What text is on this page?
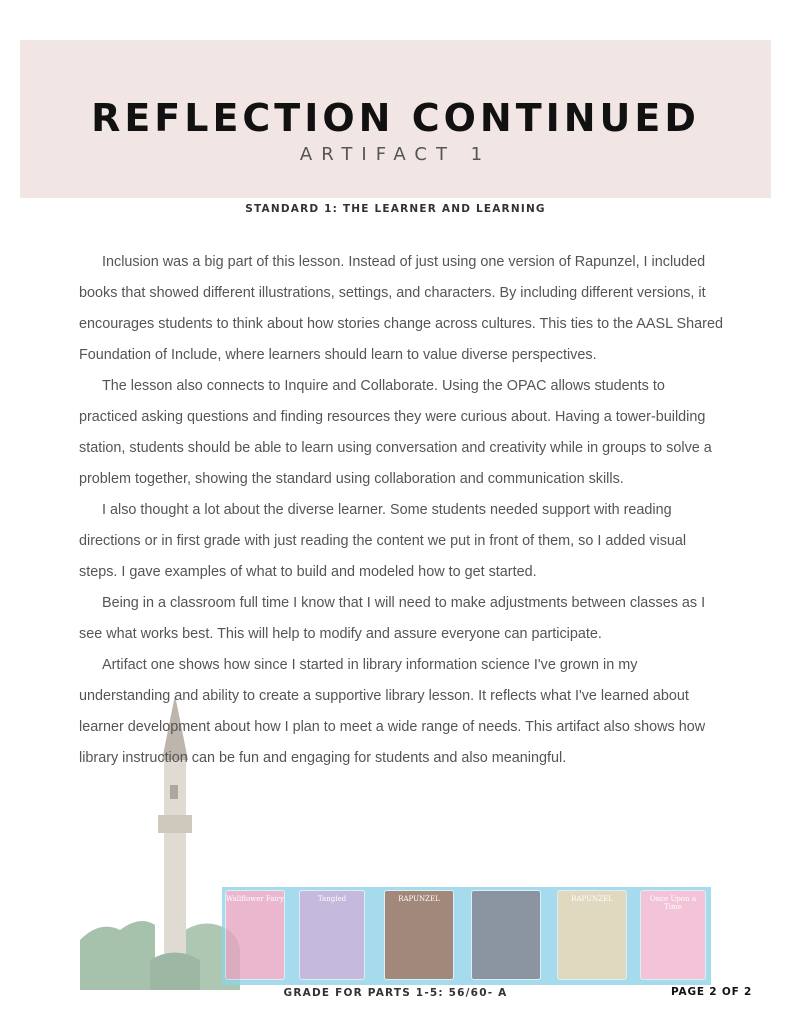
REFLECTION CONTINUED
ARTIFACT 1
STANDARD 1: THE LEARNER AND LEARNING

Inclusion was a big part of this lesson. Instead of just using one version of Rapunzel, I included books that showed different illustrations, settings, and characters. By including different versions, it encourages students to think about how stories change across cultures. This ties to the AASL Shared Foundation of Include, where learners should learn to value diverse perspectives.

The lesson also connects to Inquire and Collaborate. Using the OPAC allows students to practiced asking questions and finding resources they were curious about. Having a tower-building station, students should be able to learn using conversation and creativity while in groups to solve a problem together, showing the standard using collaboration and communication skills.

I also thought a lot about the diverse learner. Some students needed support with reading directions or in first grade with just reading the content we put in front of them, so I added visual steps. I gave examples of what to build and modeled how to get started.

Being in a classroom full time I know that I will need to make adjustments between classes as I see what works best. This will help to modify and assure everyone can participate.

Artifact one shows how since I started in library information science I've grown in my understanding and ability to create a supportive library lesson. It reflects what I've learned about learner development about how I plan to meet a wide range of needs. This artifact also shows how library instruction can be fun and engaging for students and also meaningful.

Wallflower Fairy	Tangled	RAPUNZEL	RAPUNZEL	Once Upon a Time
GRADE FOR PARTS 1-5: 56/60- A	PAGE 2 OF 2
